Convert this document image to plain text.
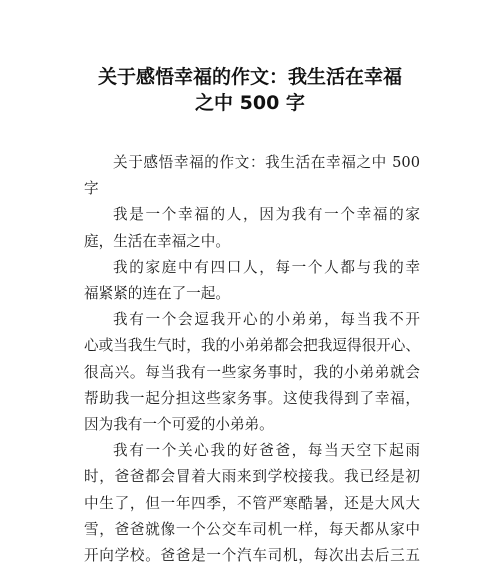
关于感悟幸福的作文：我生活在幸福
之中 500 字
关于感悟幸福的作文：我生活在幸福之中 500
字
我是一个幸福的人，因为我有一个幸福的家
庭，生活在幸福之中。
我的家庭中有四口人，每一个人都与我的幸
福紧紧的连在了一起。
我有一个会逗我开心的小弟弟，每当我不开
心或当我生气时，我的小弟弟都会把我逗得很开心、
很高兴。每当我有一些家务事时，我的小弟弟就会
帮助我一起分担这些家务事。这使我得到了幸福，
因为我有一个可爱的小弟弟。
我有一个关心我的好爸爸，每当天空下起雨
时，爸爸都会冒着大雨来到学校接我。我已经是初
中生了，但一年四季，不管严寒酷暑，还是大风大
雪，爸爸就像一个公交车司机一样，每天都从家中
开向学校。爸爸是一个汽车司机，每次出去后三五
